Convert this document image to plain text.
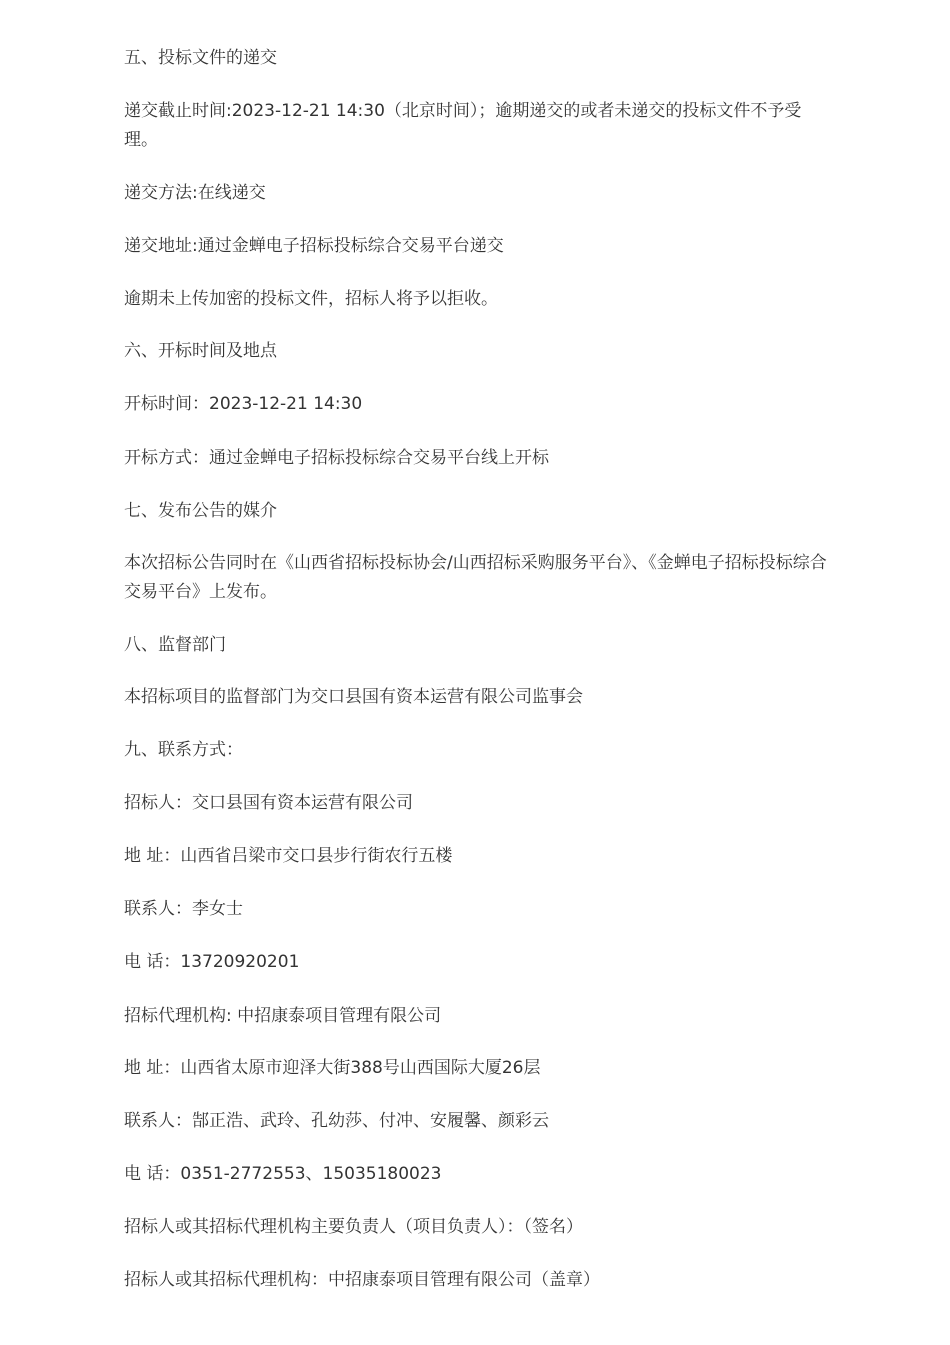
五、投标文件的递交
递交截止时间:2023-12-21 14:30（北京时间）；逾期递交的或者未递交的投标文件不予受理。
递交方法:在线递交
递交地址:通过金蝉电子招标投标综合交易平台递交
逾期未上传加密的投标文件，招标人将予以拒收。
六、开标时间及地点
开标时间：2023-12-21 14:30
开标方式：通过金蝉电子招标投标综合交易平台线上开标
七、发布公告的媒介
本次招标公告同时在《山西省招标投标协会/山西招标采购服务平台》、《金蝉电子招标投标综合交易平台》上发布。
八、监督部门
本招标项目的监督部门为交口县国有资本运营有限公司监事会
九、联系方式：
招标人：交口县国有资本运营有限公司
地 址：山西省吕梁市交口县步行街农行五楼
联系人：李女士
电 话：13720920201
招标代理机构: 中招康泰项目管理有限公司
地 址：山西省太原市迎泽大街388号山西国际大厦26层
联系人：郜正浩、武玲、孔幼莎、付冲、安履馨、颜彩云
电 话：0351-2772553、15035180023
招标人或其招标代理机构主要负责人（项目负责人）：（签名）
招标人或其招标代理机构：中招康泰项目管理有限公司（盖章）
